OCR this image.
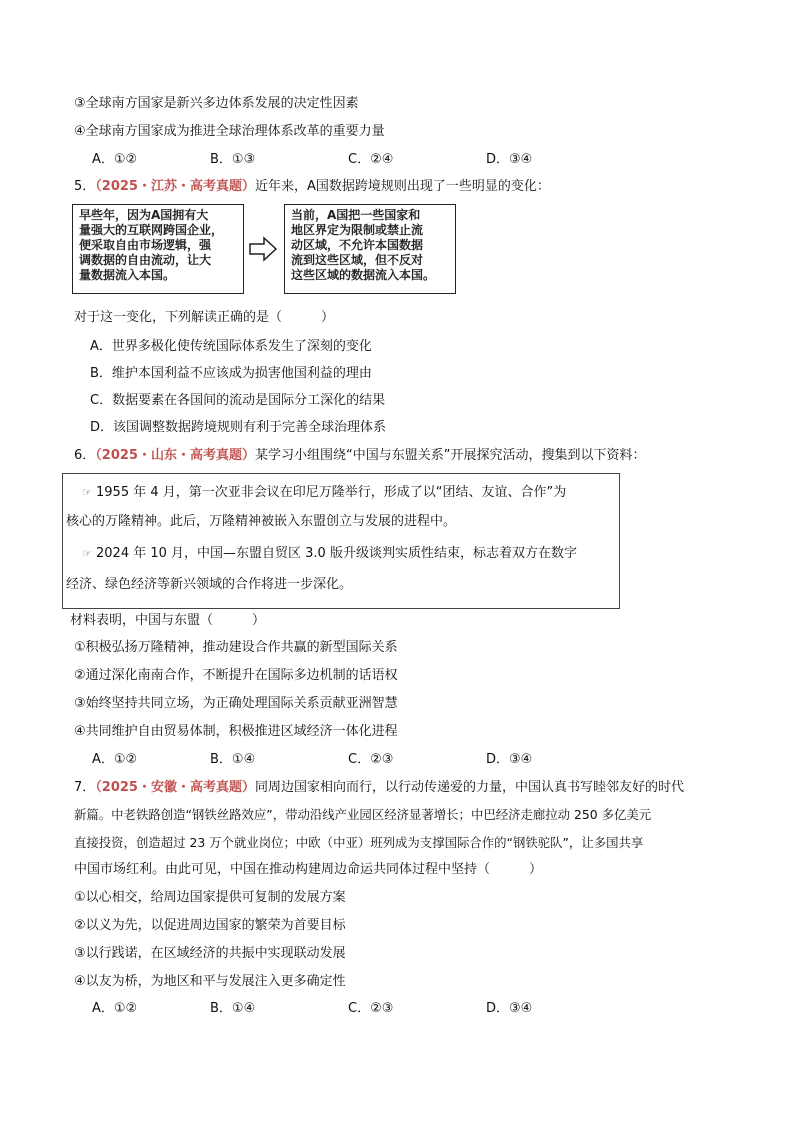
③全球南方国家是新兴多边体系发展的决定性因素
④全球南方国家成为推进全球治理体系改革的重要力量
A．①②	B．①③	C．②④	D．③④
5．（2025・江苏・高考真题）近年来，A国数据跨境规则出现了一些明显的变化：
早些年，因为A国拥有大
量强大的互联网跨国企业，
便采取自由市场逻辑，强
调数据的自由流动，让大
量数据流入本国。
当前，A国把一些国家和
地区界定为限制或禁止流
动区域，不允许本国数据
流到这些区域，但不反对
这些区域的数据流入本国。
对于这一变化，下列解读正确的是（　　　）
A．世界多极化使传统国际体系发生了深刻的变化
B．维护本国利益不应该成为损害他国利益的理由
C．数据要素在各国间的流动是国际分工深化的结果
D．该国调整数据跨境规则有利于完善全球治理体系
6．（2025・山东・高考真题）某学习小组围绕“中国与东盟关系”开展探究活动，搜集到以下资料：
☞ 1955 年 4 月，第一次亚非会议在印尼万隆举行，形成了以“团结、友谊、合作”为
核心的万隆精神。此后，万隆精神被嵌入东盟创立与发展的进程中。
☞ 2024 年 10 月，中国—东盟自贸区 3.0 版升级谈判实质性结束，标志着双方在数字
经济、绿色经济等新兴领域的合作将进一步深化。
材料表明，中国与东盟（　　　）
①积极弘扬万隆精神，推动建设合作共赢的新型国际关系
②通过深化南南合作，不断提升在国际多边机制的话语权
③始终坚持共同立场，为正确处理国际关系贡献亚洲智慧
④共同维护自由贸易体制，积极推进区域经济一体化进程
A．①②	B．①④	C．②③	D．③④
7．（2025・安徽・高考真题）同周边国家相向而行，以行动传递爱的力量，中国认真书写睦邻友好的时代
新篇。中老铁路创造“钢铁丝路效应”，带动沿线产业园区经济显著增长；中巴经济走廊拉动 250 多亿美元
直接投资，创造超过 23 万个就业岗位；中欧（中亚）班列成为支撑国际合作的“钢铁驼队”，让多国共享
中国市场红利。由此可见，中国在推动构建周边命运共同体过程中坚持（　　　）
①以心相交，给周边国家提供可复制的发展方案
②以义为先，以促进周边国家的繁荣为首要目标
③以行践诺，在区域经济的共振中实现联动发展
④以友为桥，为地区和平与发展注入更多确定性
A．①②	B．①④	C．②③	D．③④
